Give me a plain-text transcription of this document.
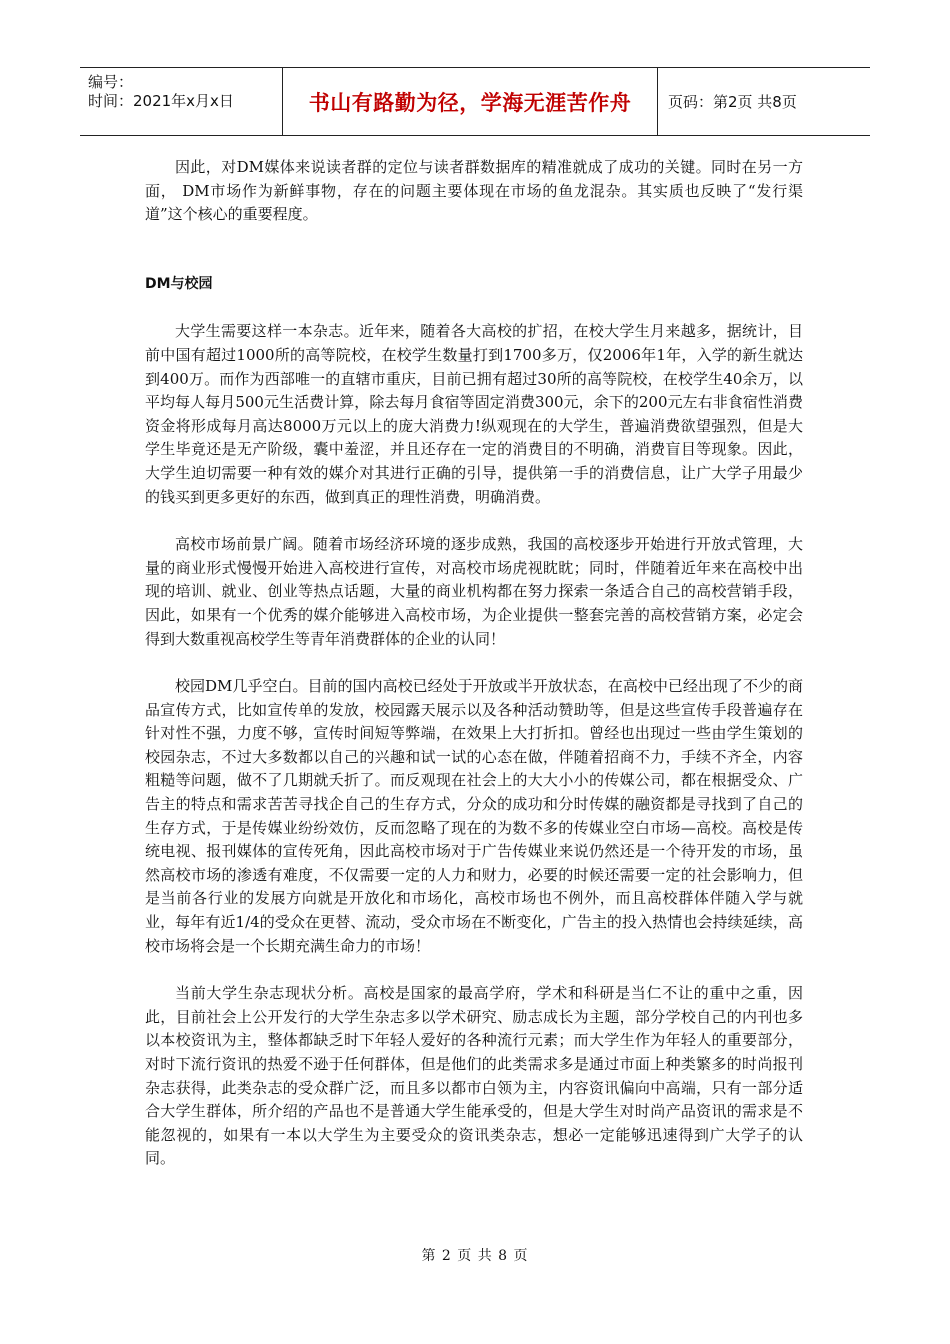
编号：
时间：2021年x月x日	书山有路勤为径，学海无涯苦作舟	页码：第2页 共8页

因此，对DM媒体来说读者群的定位与读者群数据库的精准就成了成功的关键。同时在另一方面， DM市场作为新鲜事物，存在的问题主要体现在市场的鱼龙混杂。其实质也反映了“发行渠道”这个核心的重要程度。

DM与校园

大学生需要这样一本杂志。近年来，随着各大高校的扩招，在校大学生月来越多，据统计，目前中国有超过1000所的高等院校，在校学生数量打到1700多万，仅2006年1年，入学的新生就达到400万。而作为西部唯一的直辖市重庆，目前已拥有超过30所的高等院校，在校学生40余万，以平均每人每月500元生活费计算，除去每月食宿等固定消费300元，余下的200元左右非食宿性消费资金将形成每月高达8000万元以上的庞大消费力!纵观现在的大学生，普遍消费欲望强烈，但是大学生毕竟还是无产阶级，囊中羞涩，并且还存在一定的消费目的不明确，消费盲目等现象。因此，大学生迫切需要一种有效的媒介对其进行正确的引导，提供第一手的消费信息，让广大学子用最少的钱买到更多更好的东西，做到真正的理性消费，明确消费。

高校市场前景广阔。随着市场经济环境的逐步成熟，我国的高校逐步开始进行开放式管理，大量的商业形式慢慢开始进入高校进行宣传，对高校市场虎视眈眈；同时，伴随着近年来在高校中出现的培训、就业、创业等热点话题，大量的商业机构都在努力探索一条适合自己的高校营销手段，因此，如果有一个优秀的媒介能够进入高校市场，为企业提供一整套完善的高校营销方案，必定会得到大数重视高校学生等青年消费群体的企业的认同！

校园DM几乎空白。目前的国内高校已经处于开放或半开放状态，在高校中已经出现了不少的商品宣传方式，比如宣传单的发放，校园露天展示以及各种活动赞助等，但是这些宣传手段普遍存在针对性不强，力度不够，宣传时间短等弊端，在效果上大打折扣。曾经也出现过一些由学生策划的校园杂志，不过大多数都以自己的兴趣和试一试的心态在做，伴随着招商不力，手续不齐全，内容粗糙等问题，做不了几期就夭折了。而反观现在社会上的大大小小的传媒公司，都在根据受众、广告主的特点和需求苦苦寻找企自己的生存方式，分众的成功和分时传媒的融资都是寻找到了自己的生存方式，于是传媒业纷纷效仿，反而忽略了现在的为数不多的传媒业空白市场—高校。高校是传统电视、报刊媒体的宣传死角，因此高校市场对于广告传媒业来说仍然还是一个待开发的市场，虽然高校市场的渗透有难度，不仅需要一定的人力和财力，必要的时候还需要一定的社会影响力，但是当前各行业的发展方向就是开放化和市场化，高校市场也不例外，而且高校群体伴随入学与就业，每年有近1/4的受众在更替、流动，受众市场在不断变化，广告主的投入热情也会持续延续，高校市场将会是一个长期充满生命力的市场！

当前大学生杂志现状分析。高校是国家的最高学府，学术和科研是当仁不让的重中之重，因此，目前社会上公开发行的大学生杂志多以学术研究、励志成长为主题，部分学校自己的内刊也多以本校资讯为主，整体都缺乏时下年轻人爱好的各种流行元素；而大学生作为年轻人的重要部分，对时下流行资讯的热爱不逊于任何群体，但是他们的此类需求多是通过市面上种类繁多的时尚报刊杂志获得，此类杂志的受众群广泛，而且多以都市白领为主，内容资讯偏向中高端，只有一部分适合大学生群体，所介绍的产品也不是普通大学生能承受的，但是大学生对时尚产品资讯的需求是不能忽视的，如果有一本以大学生为主要受众的资讯类杂志，想必一定能够迅速得到广大学子的认同。

第 2 页 共 8 页
